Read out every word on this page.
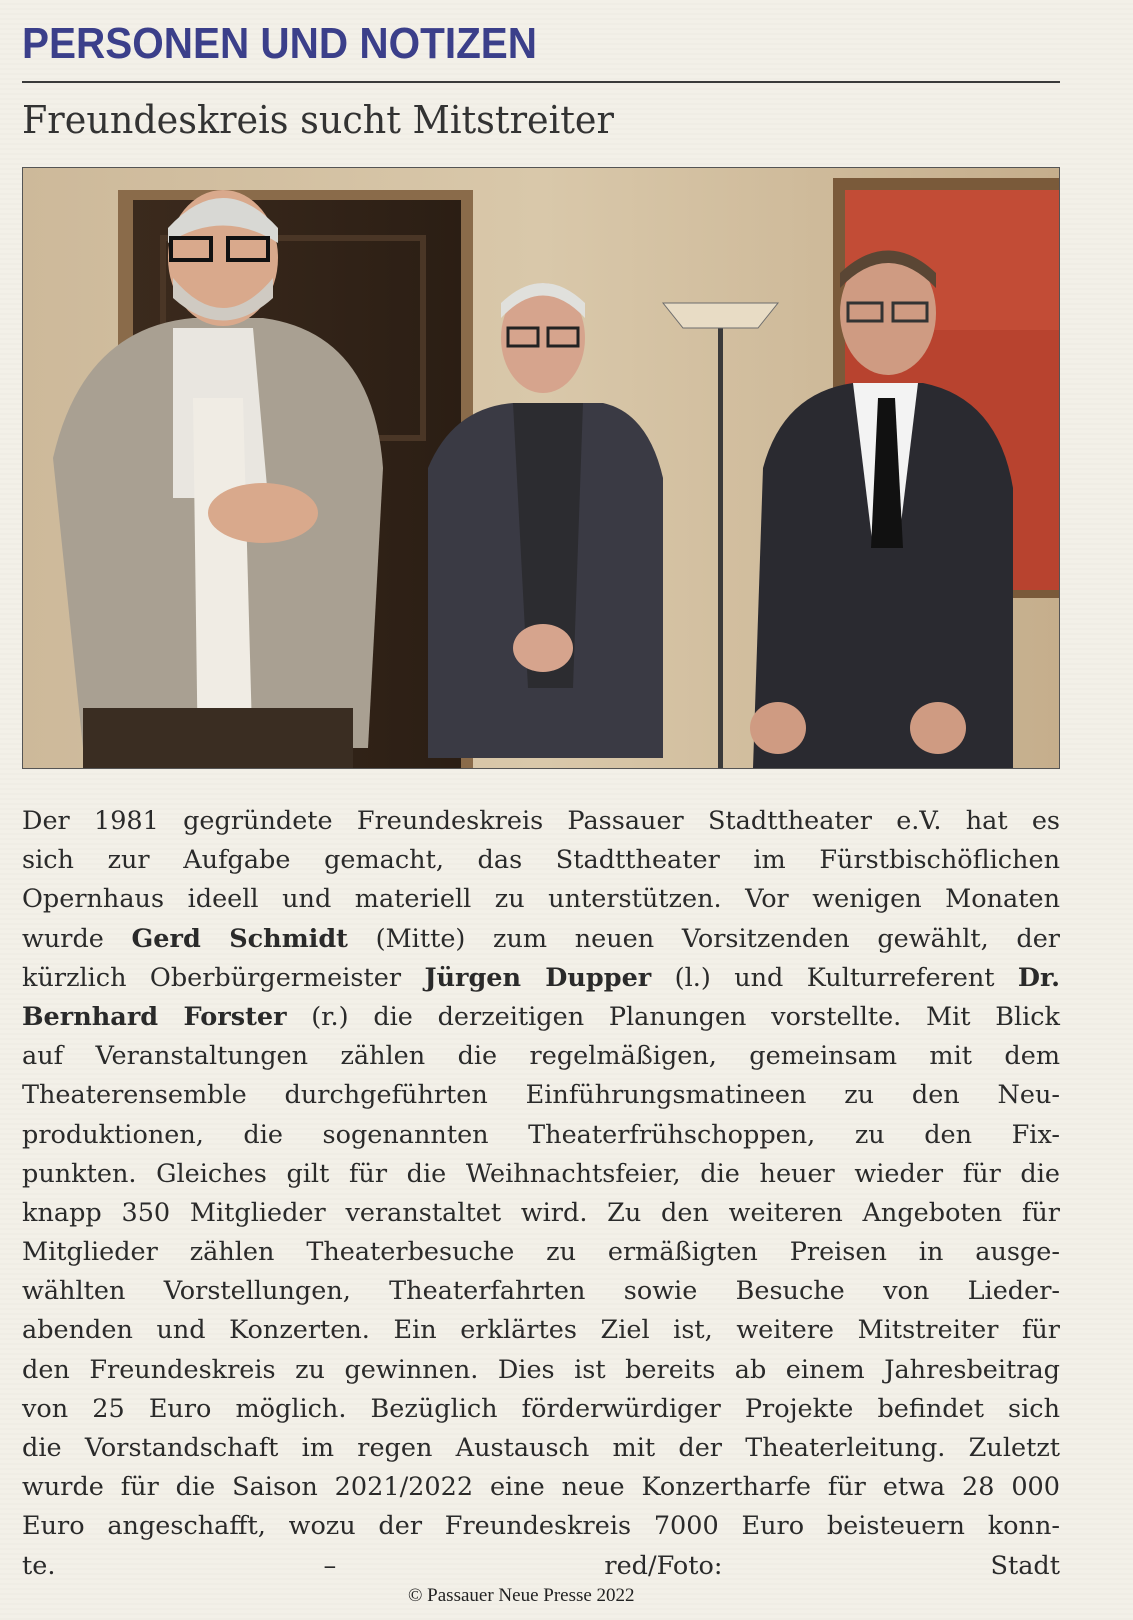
PERSONEN UND NOTIZEN
Freundeskreis sucht Mitstreiter
Der 1981 gegründete Freundeskreis Passauer Stadttheater e.V. hat es
sich zur Aufgabe gemacht, das Stadttheater im Fürstbischöflichen
Opernhaus ideell und materiell zu unterstützen. Vor wenigen Monaten
wurde Gerd Schmidt (Mitte) zum neuen Vorsitzenden gewählt, der
kürzlich Oberbürgermeister Jürgen Dupper (l.) und Kulturreferent Dr.
Bernhard Forster (r.) die derzeitigen Planungen vorstellte. Mit Blick
auf Veranstaltungen zählen die regelmäßigen, gemeinsam mit dem
Theaterensemble durchgeführten Einführungsmatineen zu den Neu-
produktionen, die sogenannten Theaterfrühschoppen, zu den Fix-
punkten. Gleiches gilt für die Weihnachtsfeier, die heuer wieder für die
knapp 350 Mitglieder veranstaltet wird. Zu den weiteren Angeboten für
Mitglieder zählen Theaterbesuche zu ermäßigten Preisen in ausge-
wählten Vorstellungen, Theaterfahrten sowie Besuche von Lieder-
abenden und Konzerten. Ein erklärtes Ziel ist, weitere Mitstreiter für
den Freundeskreis zu gewinnen. Dies ist bereits ab einem Jahresbeitrag
von 25 Euro möglich. Bezüglich förderwürdiger Projekte befindet sich
die Vorstandschaft im regen Austausch mit der Theaterleitung. Zuletzt
wurde für die Saison 2021/2022 eine neue Konzertharfe für etwa 28 000
Euro angeschafft, wozu der Freundeskreis 7000 Euro beisteuern konn-
te. – red/Foto: Stadt
© Passauer Neue Presse 2022
